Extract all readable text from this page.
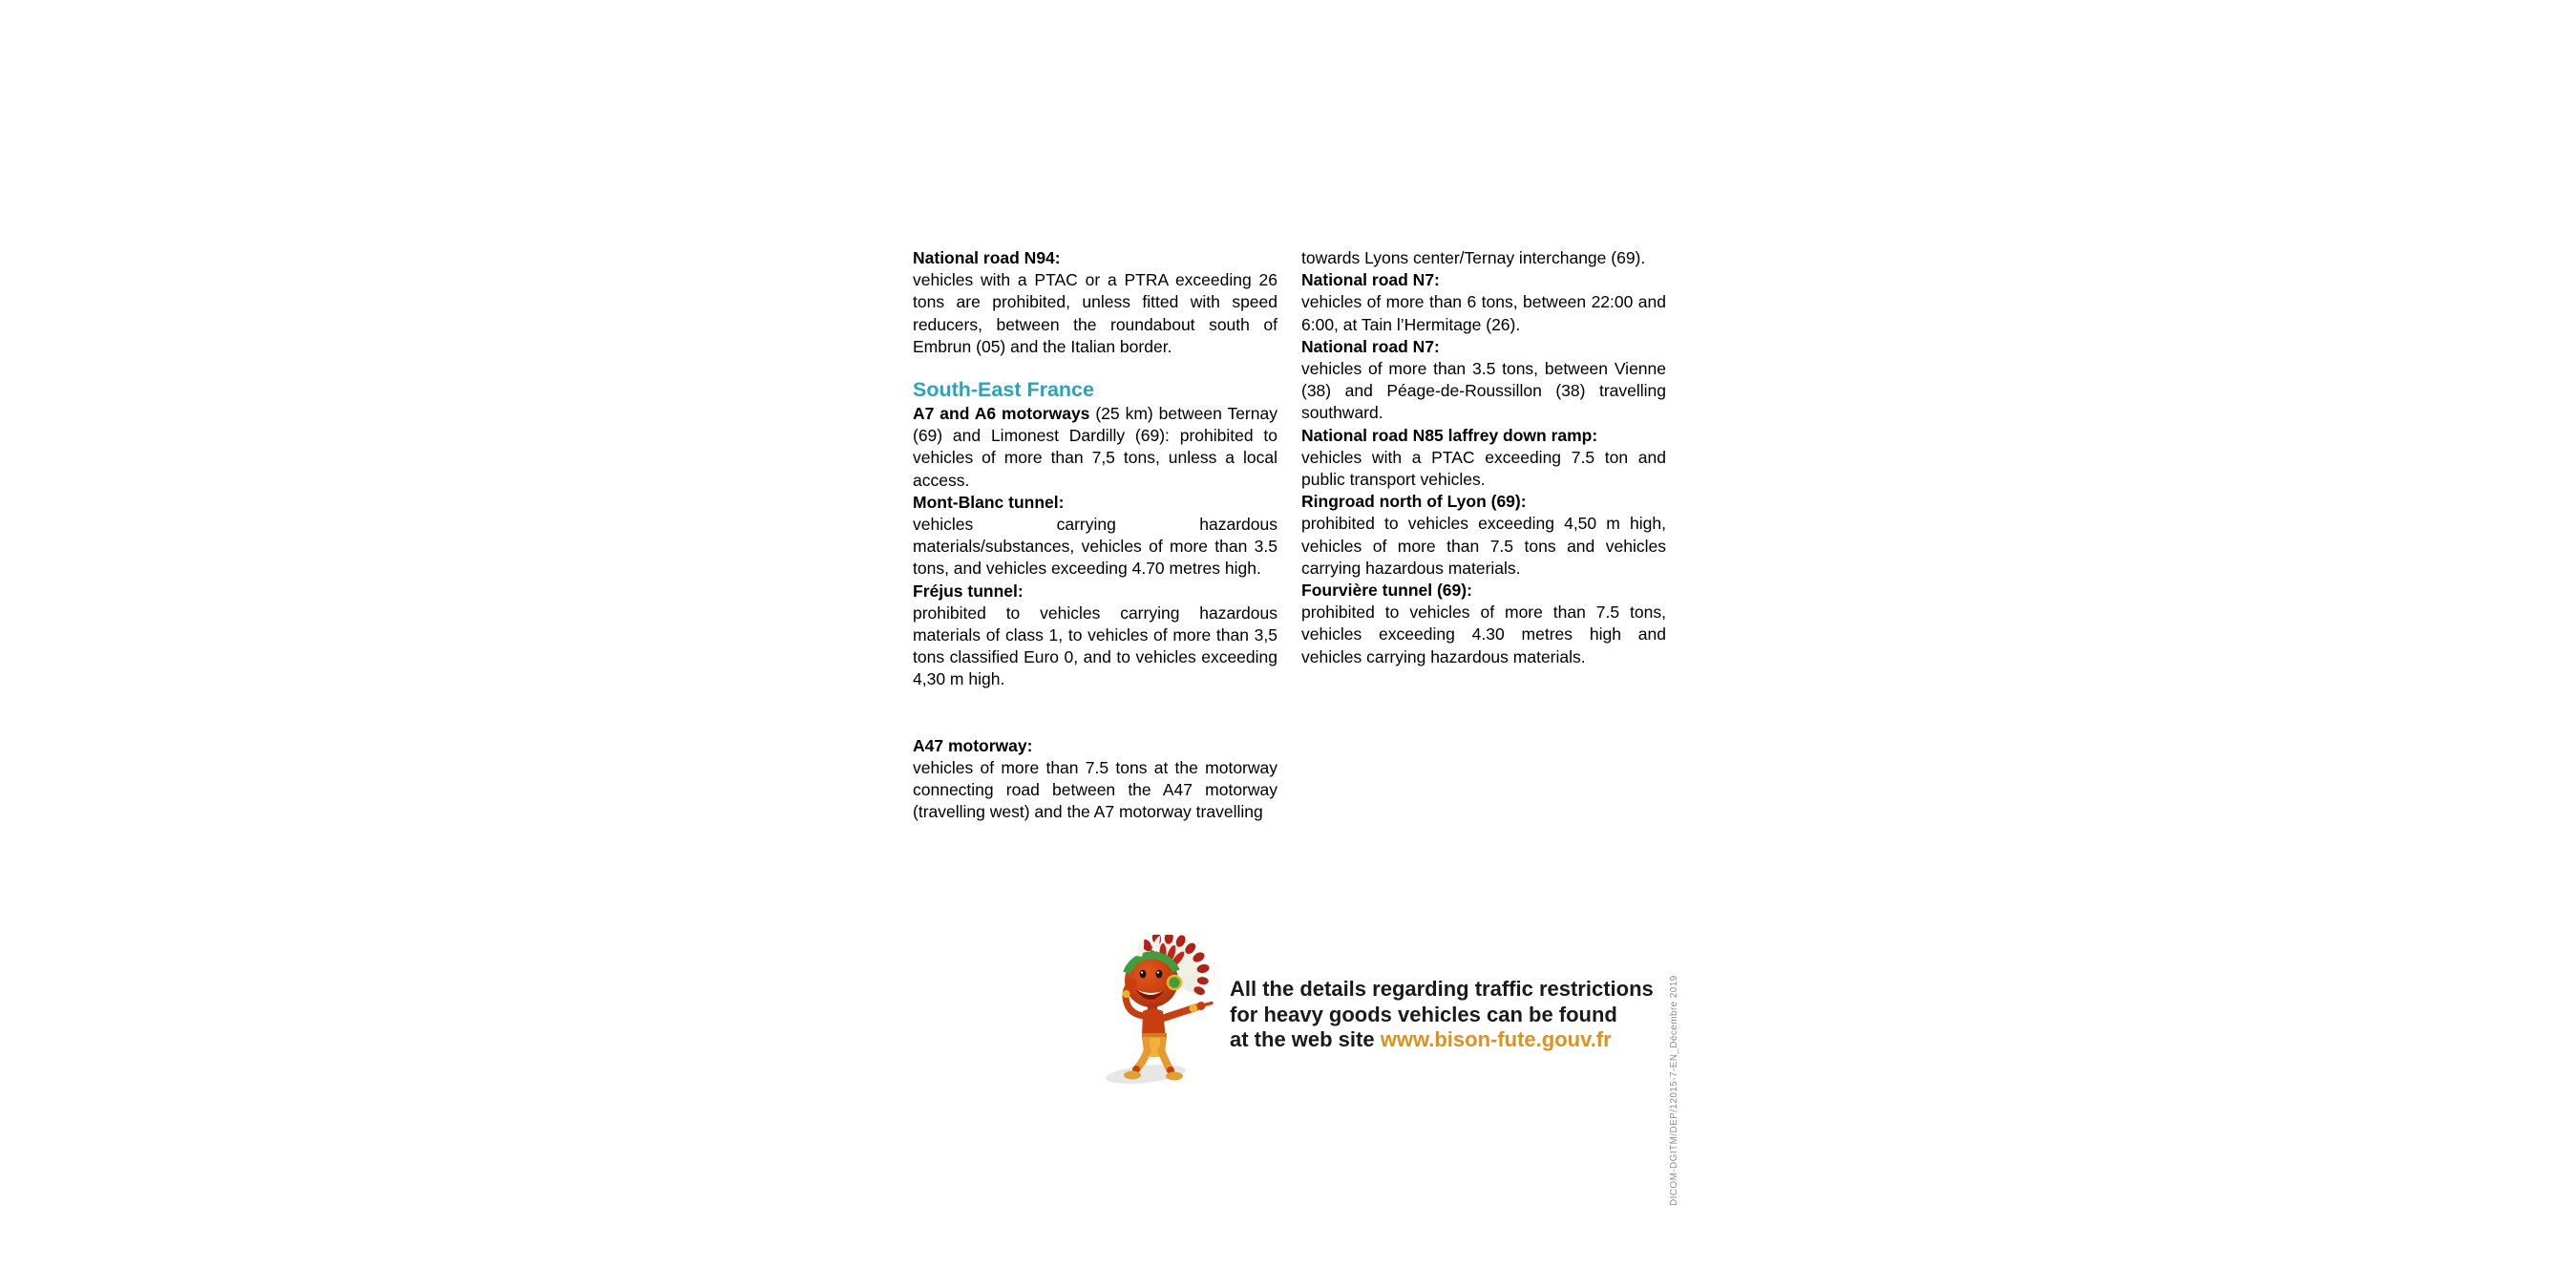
National road N94:
vehicles with a PTAC or a PTRA exceeding 26 tons are prohibited, unless fitted with speed reducers, between the roundabout south of Embrun (05) and the Italian border.

South-East France

A7 and A6 motorways (25 km) between Ternay (69) and Limonest Dardilly (69): prohibited to vehicles of more than 7,5 tons, unless a local access.

Mont-Blanc tunnel:
vehicles carrying hazardous materials/substances, vehicles of more than 3.5 tons, and vehicles exceeding 4.70 metres high.

Fréjus tunnel:
prohibited to vehicles carrying hazardous materials of class 1, to vehicles of more than 3,5 tons classified Euro 0, and to vehicles exceeding 4,30 m high.

A47 motorway:
vehicles of more than 7.5 tons at the motorway connecting road between the A47 motorway (travelling west) and the A7 motorway travelling

towards Lyons center/Ternay interchange (69).

National road N7:
vehicles of more than 6 tons, between 22:00 and 6:00, at Tain l’Hermitage (26).

National road N7:
vehicles of more than 3.5 tons, between Vienne (38) and Péage-de-Roussillon (38) travelling southward.

National road N85 laffrey down ramp:
vehicles with a PTAC exceeding 7.5 ton and public transport vehicles.

Ringroad north of Lyon (69):
prohibited to vehicles exceeding 4,50 m high, vehicles of more than 7.5 tons and vehicles carrying hazardous materials.

Fourvière tunnel (69):
prohibited to vehicles of more than 7.5 tons, vehicles exceeding 4.30 metres high and vehicles carrying hazardous materials.

All the details regarding traffic restrictions
for heavy goods vehicles can be found
at the web site www.bison-fute.gouv.fr	DICOM-DGITM/DEP/12015-7-EN_Décembre 2019
